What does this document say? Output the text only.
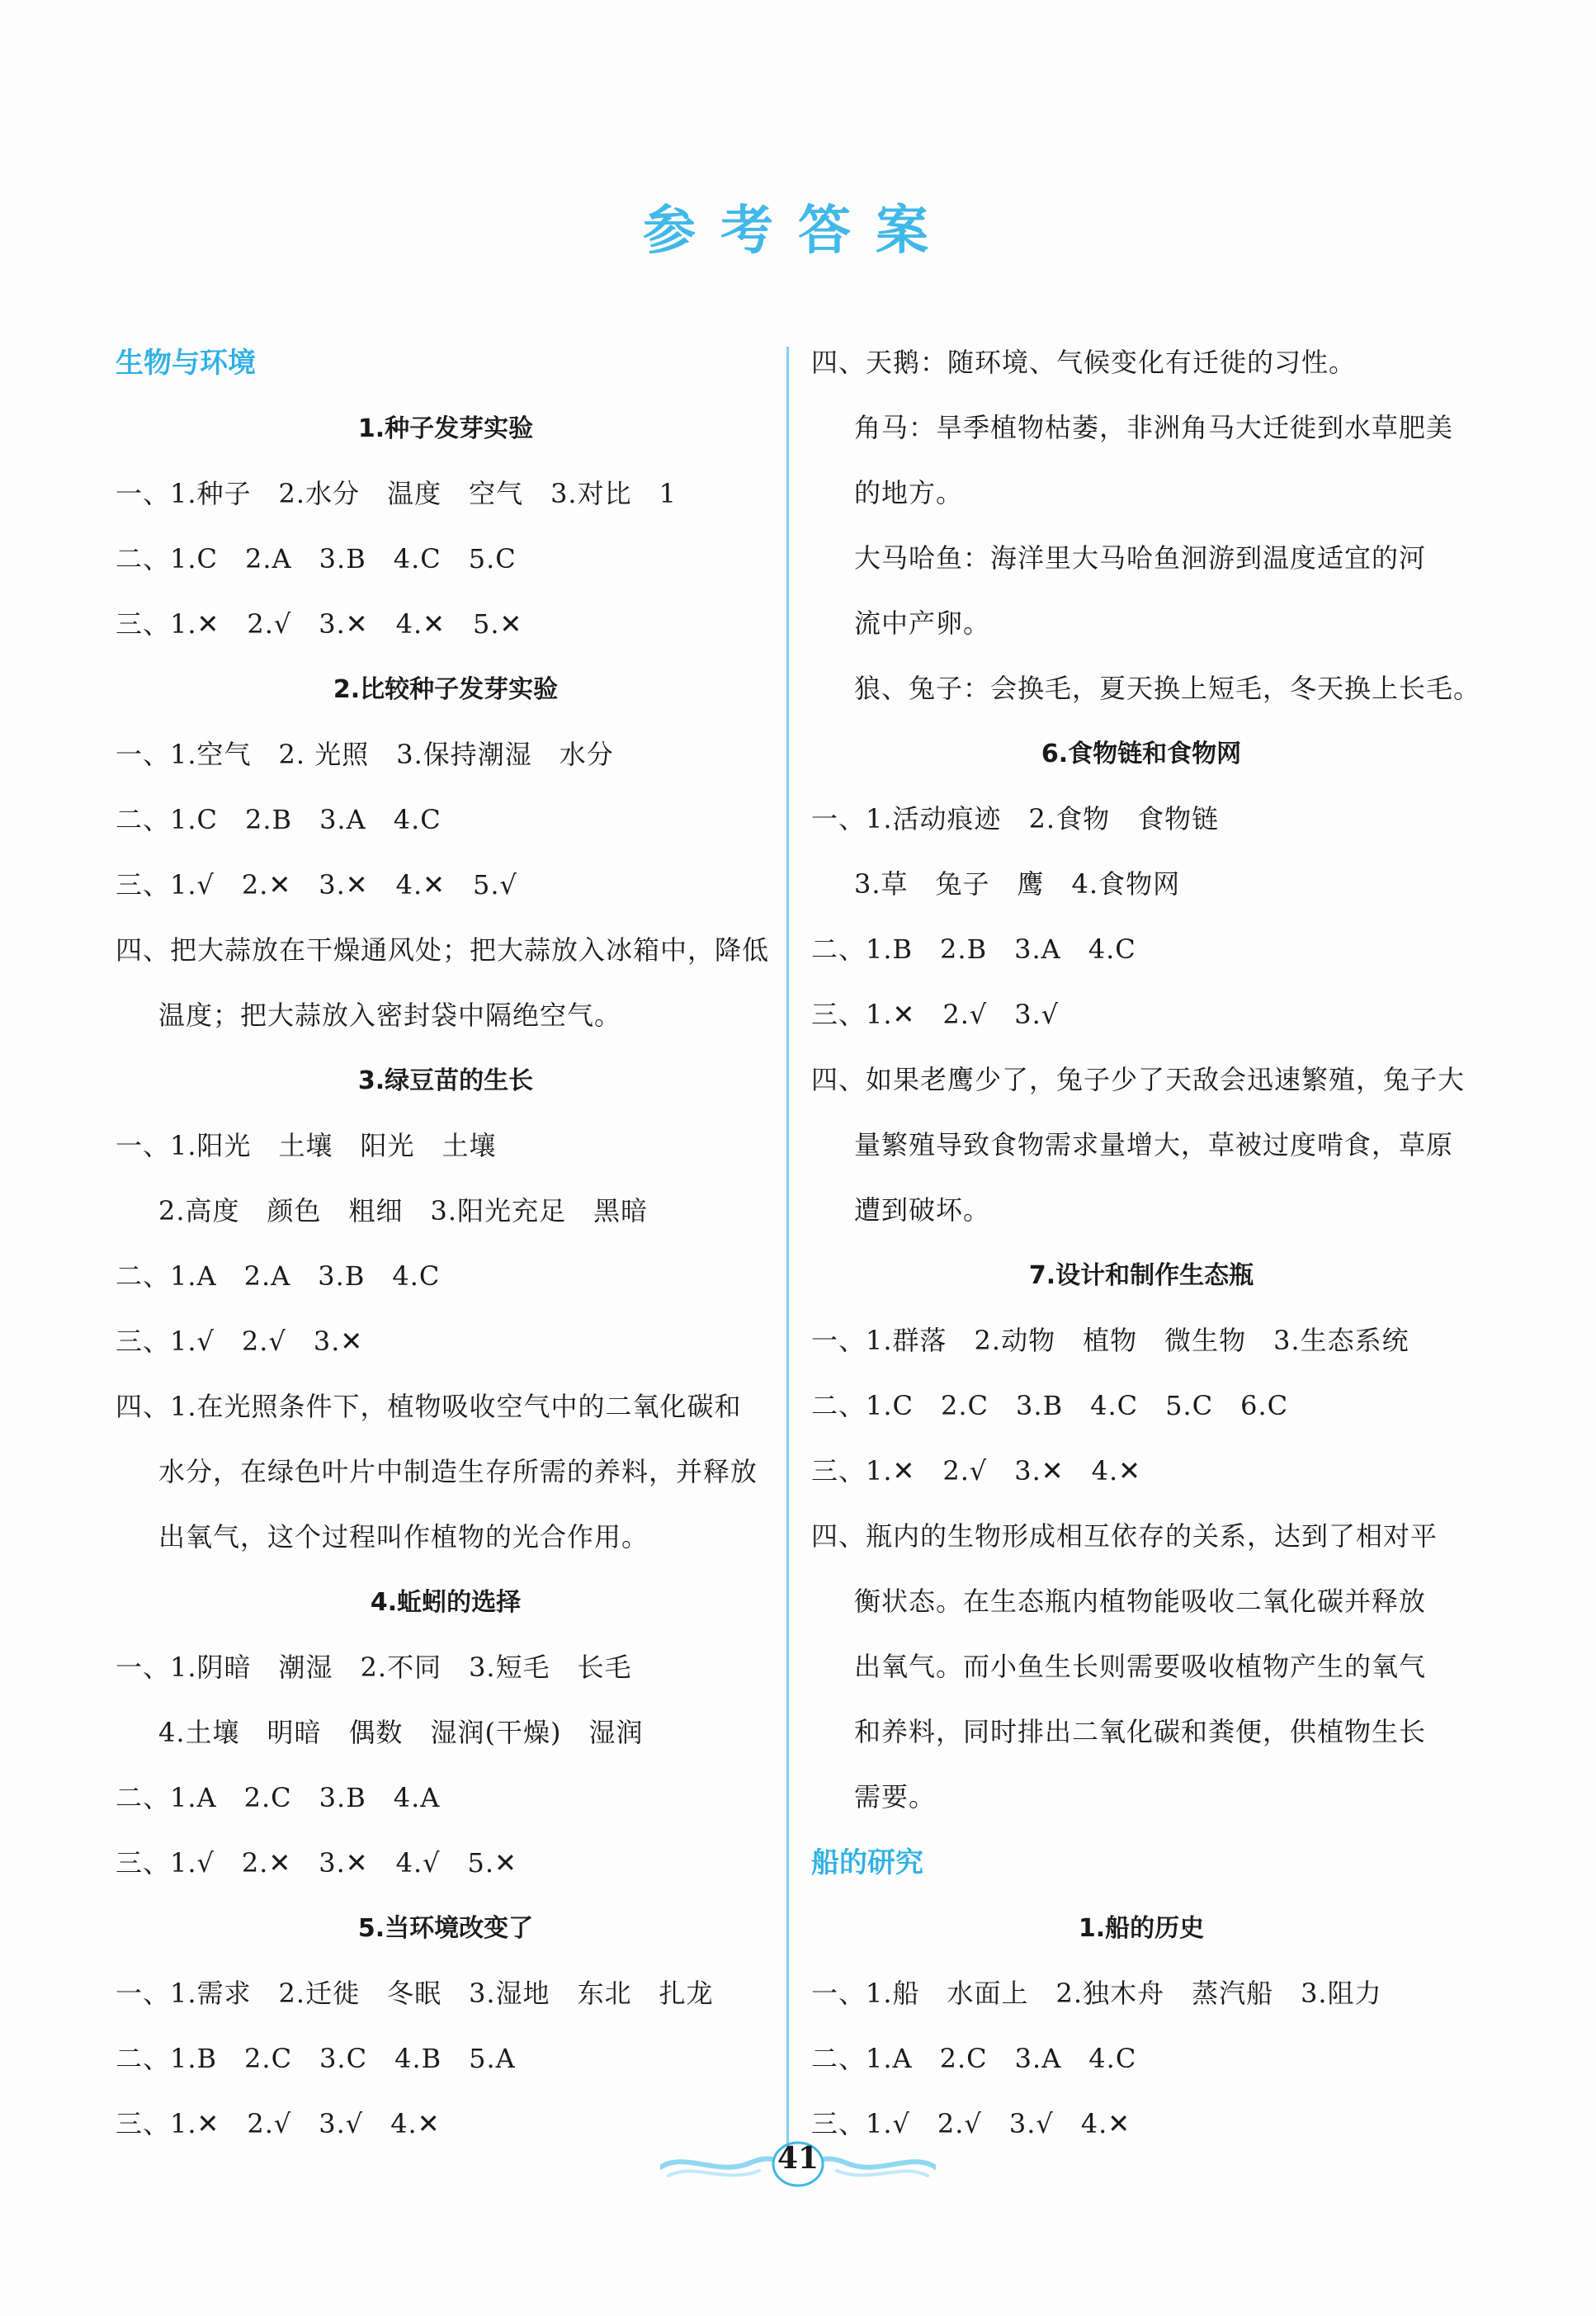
参考答案
生物与环境
1.种子发芽实验
一、1.种子　2.水分　温度　空气　3.对比　1
二、1.C　2.A　3.B　4.C　5.C
三、1.✕　2.√　3.✕　4.✕　5.✕
2.比较种子发芽实验
一、1.空气　2. 光照　3.保持潮湿　水分
二、1.C　2.B　3.A　4.C
三、1.√　2.✕　3.✕　4.✕　5.√
四、把大蒜放在干燥通风处；把大蒜放入冰箱中，降低
温度；把大蒜放入密封袋中隔绝空气。
3.绿豆苗的生长
一、1.阳光　土壤　阳光　土壤
2.高度　颜色　粗细　3.阳光充足　黑暗
二、1.A　2.A　3.B　4.C
三、1.√　2.√　3.✕
四、1.在光照条件下，植物吸收空气中的二氧化碳和
水分，在绿色叶片中制造生存所需的养料，并释放
出氧气，这个过程叫作植物的光合作用。
4.蚯蚓的选择
一、1.阴暗　潮湿　2.不同　3.短毛　长毛
4.土壤　明暗　偶数　湿润(干燥)　湿润
二、1.A　2.C　3.B　4.A
三、1.√　2.✕　3.✕　4.√　5.✕
5.当环境改变了
一、1.需求　2.迁徙　冬眠　3.湿地　东北　扎龙
二、1.B　2.C　3.C　4.B　5.A
三、1.✕　2.√　3.√　4.✕
四、天鹅：随环境、气候变化有迁徙的习性。
角马：旱季植物枯萎，非洲角马大迁徙到水草肥美
的地方。
大马哈鱼：海洋里大马哈鱼洄游到温度适宜的河
流中产卵。
狼、兔子：会换毛，夏天换上短毛，冬天换上长毛。
6.食物链和食物网
一、1.活动痕迹　2.食物　食物链
3.草　兔子　鹰　4.食物网
二、1.B　2.B　3.A　4.C
三、1.✕　2.√　3.√
四、如果老鹰少了，兔子少了天敌会迅速繁殖，兔子大
量繁殖导致食物需求量增大，草被过度啃食，草原
遭到破坏。
7.设计和制作生态瓶
一、1.群落　2.动物　植物　微生物　3.生态系统
二、1.C　2.C　3.B　4.C　5.C　6.C
三、1.✕　2.√　3.✕　4.✕
四、瓶内的生物形成相互依存的关系，达到了相对平
衡状态。在生态瓶内植物能吸收二氧化碳并释放
出氧气。而小鱼生长则需要吸收植物产生的氧气
和养料，同时排出二氧化碳和粪便，供植物生长
需要。
船的研究
1.船的历史
一、1.船　水面上　2.独木舟　蒸汽船　3.阻力
二、1.A　2.C　3.A　4.C
三、1.√　2.√　3.√　4.✕
41
